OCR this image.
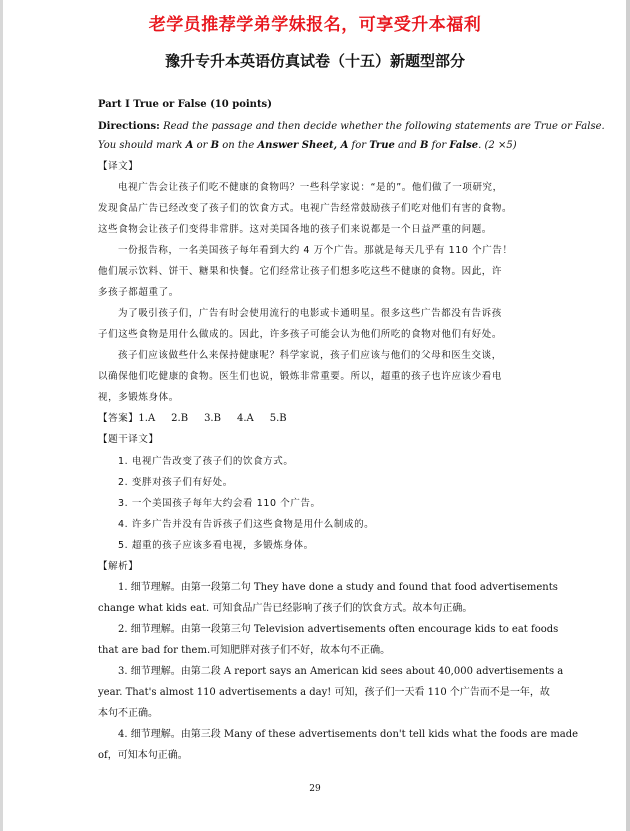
老学员推荐学弟学妹报名，可享受升本福利
豫升专升本英语仿真试卷（十五）新题型部分
Part I True or False (10 points)
Directions: Read the passage and then decide whether the following statements are True or False.
You should mark A or B on the Answer Sheet, A for True and B for False. (2 ×5)
【译文】
电视广告会让孩子们吃不健康的食物吗？一些科学家说：“是的”。他们做了一项研究，
发现食品广告已经改变了孩子们的饮食方式。电视广告经常鼓励孩子们吃对他们有害的食物。
这些食物会让孩子们变得非常胖。这对美国各地的孩子们来说都是一个日益严重的问题。
一份报告称，一名美国孩子每年看到大约 4 万个广告。那就是每天几乎有 110 个广告！
他们展示饮料、饼干、糖果和快餐。它们经常让孩子们想多吃这些不健康的食物。因此，许
多孩子都超重了。
为了吸引孩子们，广告有时会使用流行的电影或卡通明星。很多这些广告都没有告诉孩
子们这些食物是用什么做成的。因此，许多孩子可能会认为他们所吃的食物对他们有好处。
孩子们应该做些什么来保持健康呢？科学家说，孩子们应该与他们的父母和医生交谈，
以确保他们吃健康的食物。医生们也说，锻炼非常重要。所以，超重的孩子也许应该少看电
视，多锻炼身体。
【答案】1.A 2.B 3.B 4.A 5.B
【题干译文】
1. 电视广告改变了孩子们的饮食方式。
2. 变胖对孩子们有好处。
3. 一个美国孩子每年大约会看 110 个广告。
4. 许多广告并没有告诉孩子们这些食物是用什么制成的。
5. 超重的孩子应该多看电视，多锻炼身体。
【解析】
1. 细节理解。由第一段第二句 They have done a study and found that food advertisements
change what kids eat. 可知食品广告已经影响了孩子们的饮食方式。故本句正确。
2. 细节理解。由第一段第三句 Television advertisements often encourage kids to eat foods
that are bad for them.可知肥胖对孩子们不好，故本句不正确。
3. 细节理解。由第二段 A report says an American kid sees about 40,000 advertisements a
year. That's almost 110 advertisements a day! 可知，孩子们一天看 110 个广告而不是一年，故
本句不正确。
4. 细节理解。由第三段 Many of these advertisements don't tell kids what the foods are made
of，可知本句正确。
29
